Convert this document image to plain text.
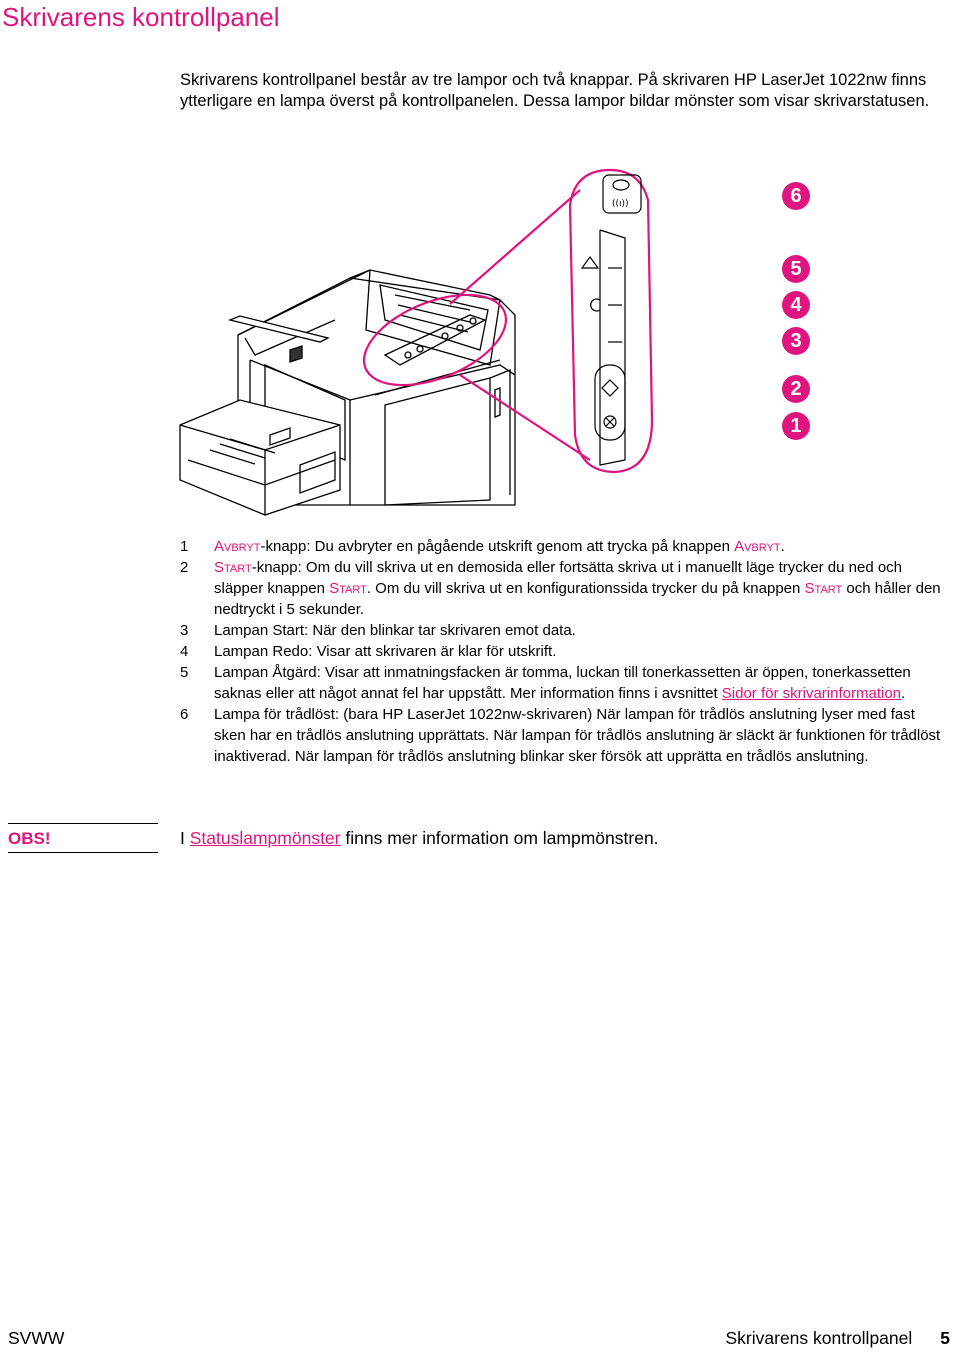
Skrivarens kontrollpanel

Skrivarens kontrollpanel består av tre lampor och två knappar. På skrivaren HP LaserJet 1022nw finns ytterligare en lampa överst på kontrollpanelen. Dessa lampor bildar mönster som visar skrivarstatusen.

((ı))	6
5
4
3
2
1
1 Avbryt-knapp: Du avbryter en pågående utskrift genom att trycka på knappen Avbryt.
2 Start-knapp: Om du vill skriva ut en demosida eller fortsätta skriva ut i manuellt läge trycker du ned och släpper knappen Start. Om du vill skriva ut en konfigurationssida trycker du på knappen Start och håller den nedtryckt i 5 sekunder.
3 Lampan Start: När den blinkar tar skrivaren emot data.
4 Lampan Redo: Visar att skrivaren är klar för utskrift.
5 Lampan Åtgärd: Visar att inmatningsfacken är tomma, luckan till tonerkassetten är öppen, tonerkassetten saknas eller att något annat fel har uppstått. Mer information finns i avsnittet Sidor för skrivarinformation.
6 Lampa för trådlöst: (bara HP LaserJet 1022nw-skrivaren) När lampan för trådlös anslutning lyser med fast sken har en trådlös anslutning upprättats. När lampan för trådlös anslutning är släckt är funktionen för trådlöst inaktiverad. När lampan för trådlös anslutning blinkar sker försök att upprätta en trådlös anslutning.
OBS!	I Statuslampmönster finns mer information om lampmönstren.
SVWW	Skrivarens kontrollpanel 5
